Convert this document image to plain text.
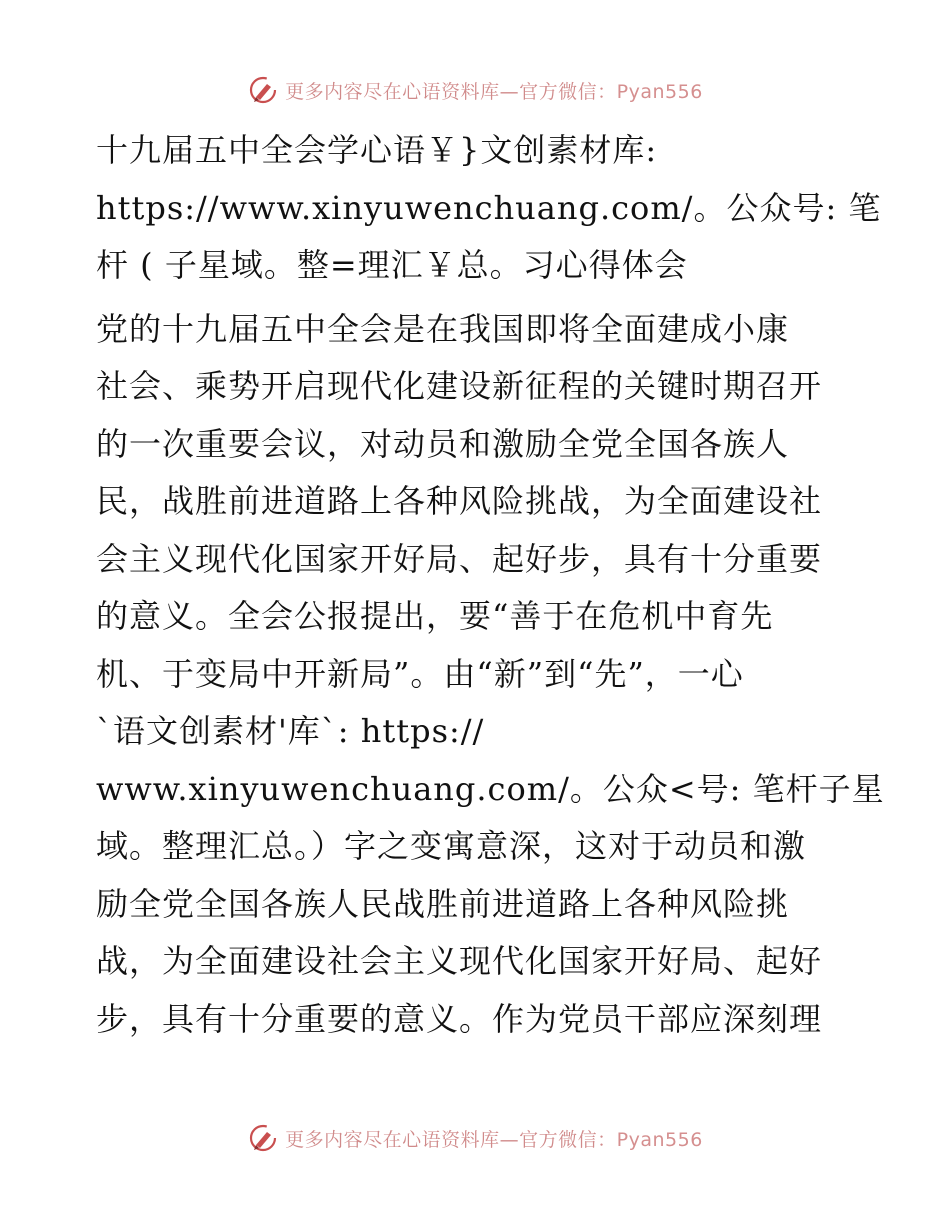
更多内容尽在心语资料库—官方微信：Pyan556
十九届五中全会学心语￥}文创素材库:
https://www.xinyuwenchuang.com/。公众号: 笔
杆 ( 子星域。整=理汇￥总。习心得体会
党的十九届五中全会是在我国即将全面建成小康
社会、乘势开启现代化建设新征程的关键时期召开
的一次重要会议，对动员和激励全党全国各族人
民，战胜前进道路上各种风险挑战，为全面建设社
会主义现代化国家开好局、起好步，具有十分重要
的意义。全会公报提出，要“善于在危机中育先
机、于变局中开新局”。由“新”到“先”，一心
`语文创素材'库`: https://
www.xinyuwenchuang.com/。公众<号: 笔杆子星
域。整理汇总。）字之变寓意深，这对于动员和激
励全党全国各族人民战胜前进道路上各种风险挑
战，为全面建设社会主义现代化国家开好局、起好
步，具有十分重要的意义。作为党员干部应深刻理
更多内容尽在心语资料库—官方微信：Pyan556
